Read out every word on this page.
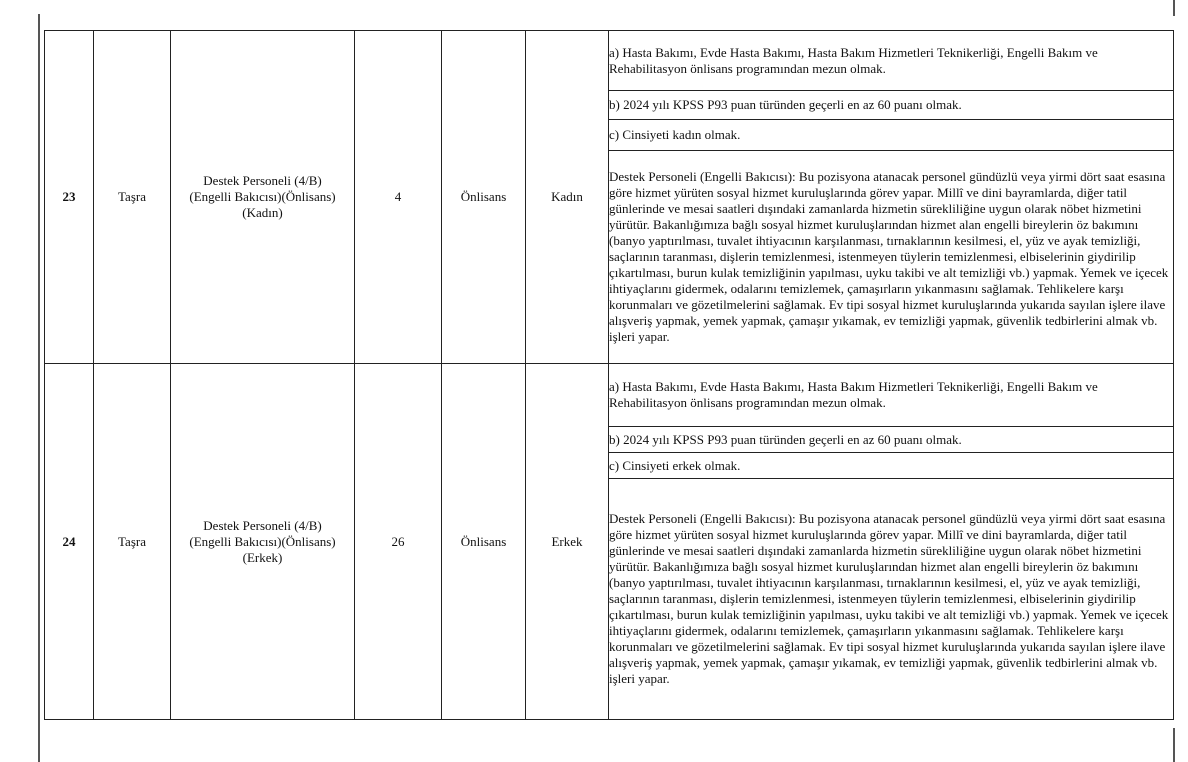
23	Taşra	Destek Personeli (4/B)(Engelli Bakıcısı)(Önlisans)(Kadın)	4	Önlisans	Kadın	a) Hasta Bakımı, Evde Hasta Bakımı, Hasta Bakım Hizmetleri Teknikerliği, Engelli Bakım ve Rehabilitasyon önlisans programından mezun olmak.
						b) 2024 yılı KPSS P93 puan türünden geçerli en az 60 puanı olmak.
						c) Cinsiyeti kadın olmak.
						Destek Personeli (Engelli Bakıcısı): Bu pozisyona atanacak personel gündüzlü veya yirmi dört saat esasına göre hizmet yürüten sosyal hizmet kuruluşlarında görev yapar. Millî ve dini bayramlarda, diğer tatil günlerinde ve mesai saatleri dışındaki zamanlarda hizmetin sürekliliğine uygun olarak nöbet hizmetini yürütür. Bakanlığımıza bağlı sosyal hizmet kuruluşlarından hizmet alan engelli bireylerin öz bakımını (banyo yaptırılması, tuvalet ihtiyacının karşılanması, tırnaklarının kesilmesi, el, yüz ve ayak temizliği, saçlarının taranması, dişlerin temizlenmesi, istenmeyen tüylerin temizlenmesi, elbiselerinin giydirilip çıkartılması, burun kulak temizliğinin yapılması, uyku takibi ve alt temizliği vb.) yapmak. Yemek ve içecek ihtiyaçlarını gidermek, odalarını temizlemek, çamaşırların yıkanmasını sağlamak. Tehlikelere karşı korunmaları ve gözetilmelerini sağlamak. Ev tipi sosyal hizmet kuruluşlarında yukarıda sayılan işlere ilave alışveriş yapmak, yemek yapmak, çamaşır yıkamak, ev temizliği yapmak, güvenlik tedbirlerini almak vb. işleri yapar.
24	Taşra	Destek Personeli (4/B)(Engelli Bakıcısı)(Önlisans)(Erkek)	26	Önlisans	Erkek	a) Hasta Bakımı, Evde Hasta Bakımı, Hasta Bakım Hizmetleri Teknikerliği, Engelli Bakım ve Rehabilitasyon önlisans programından mezun olmak.
						b) 2024 yılı KPSS P93 puan türünden geçerli en az 60 puanı olmak.
						c) Cinsiyeti erkek olmak.
						Destek Personeli (Engelli Bakıcısı): Bu pozisyona atanacak personel gündüzlü veya yirmi dört saat esasına göre hizmet yürüten sosyal hizmet kuruluşlarında görev yapar. Millî ve dini bayramlarda, diğer tatil günlerinde ve mesai saatleri dışındaki zamanlarda hizmetin sürekliliğine uygun olarak nöbet hizmetini yürütür. Bakanlığımıza bağlı sosyal hizmet kuruluşlarından hizmet alan engelli bireylerin öz bakımını (banyo yaptırılması, tuvalet ihtiyacının karşılanması, tırnaklarının kesilmesi, el, yüz ve ayak temizliği, saçlarının taranması, dişlerin temizlenmesi, istenmeyen tüylerin temizlenmesi, elbiselerinin giydirilip çıkartılması, burun kulak temizliğinin yapılması, uyku takibi ve alt temizliği vb.) yapmak. Yemek ve içecek ihtiyaçlarını gidermek, odalarını temizlemek, çamaşırların yıkanmasını sağlamak. Tehlikelere karşı korunmaları ve gözetilmelerini sağlamak. Ev tipi sosyal hizmet kuruluşlarında yukarıda sayılan işlere ilave alışveriş yapmak, yemek yapmak, çamaşır yıkamak, ev temizliği yapmak, güvenlik tedbirlerini almak vb. işleri yapar.
